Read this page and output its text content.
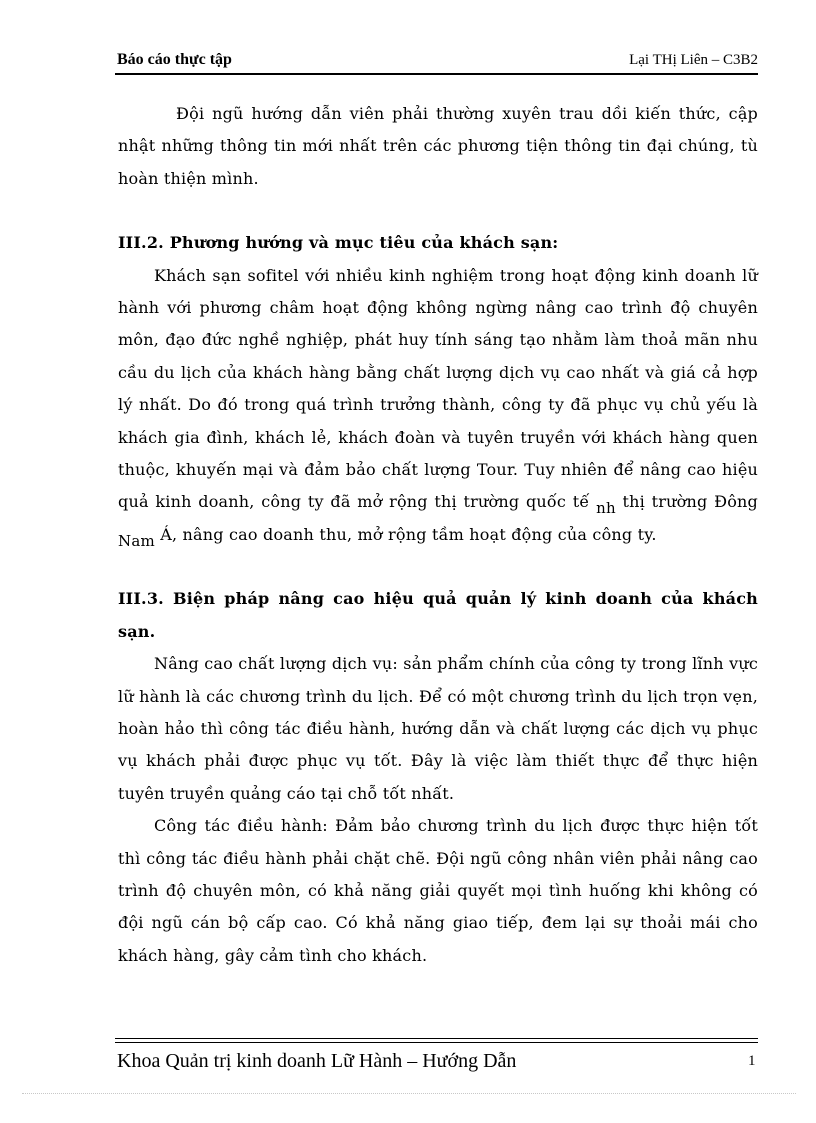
Báo cáo thực tập	Lại THị Liên – C3B2

Đội ngũ hướng dẫn viên phải thường xuyên trau dồi kiến thức, cập nhật những thông tin mới nhất trên các phương tiện thông tin đại chúng, tù hoàn thiện mình.

III.2. Phương hướng và mục tiêu của khách sạn:

Khách sạn sofitel với nhiều kinh nghiệm trong hoạt động kinh doanh lữ hành với phương châm hoạt động không ngừng nâng cao trình độ chuyên môn, đạo đức nghề nghiệp, phát huy tính sáng tạo nhằm làm thoả mãn nhu cầu du lịch của khách hàng bằng chất lượng dịch vụ cao nhất và giá cả hợp lý nhất. Do đó trong quá trình trưởng thành, công ty đã phục vụ chủ yếu là khách gia đình, khách lẻ, khách đoàn và tuyên truyền với khách hàng quen thuộc, khuyến mại và đảm bảo chất lượng Tour. Tuy nhiên để nâng cao hiệu quả kinh doanh, công ty đã mở rộng thị trường quốc tế nh thị trường Đông Nam Á, nâng cao doanh thu, mở rộng tầm hoạt động của công ty.

III.3. Biện pháp nâng cao hiệu quả quản lý kinh doanh của khách sạn.

Nâng cao chất lượng dịch vụ: sản phẩm chính của công ty trong lĩnh vực lữ hành là các chương trình du lịch. Để có một chương trình du lịch trọn vẹn, hoàn hảo thì công tác điều hành, hướng dẫn và chất lượng các dịch vụ phục vụ khách phải được phục vụ tốt. Đây là việc làm thiết thực để thực hiện tuyên truyền quảng cáo tại chỗ tốt nhất.

Công tác điều hành: Đảm bảo chương trình du lịch được thực hiện tốt thì công tác điều hành phải chặt chẽ. Đội ngũ công nhân viên phải nâng cao trình độ chuyên môn, có khả năng giải quyết mọi tình huống khi không có đội ngũ cán bộ cấp cao. Có khả năng giao tiếp, đem lại sự thoải mái cho khách hàng, gây cảm tình cho khách.

Khoa Quản trị kinh doanh Lữ Hành – Hướng Dẫn	1
